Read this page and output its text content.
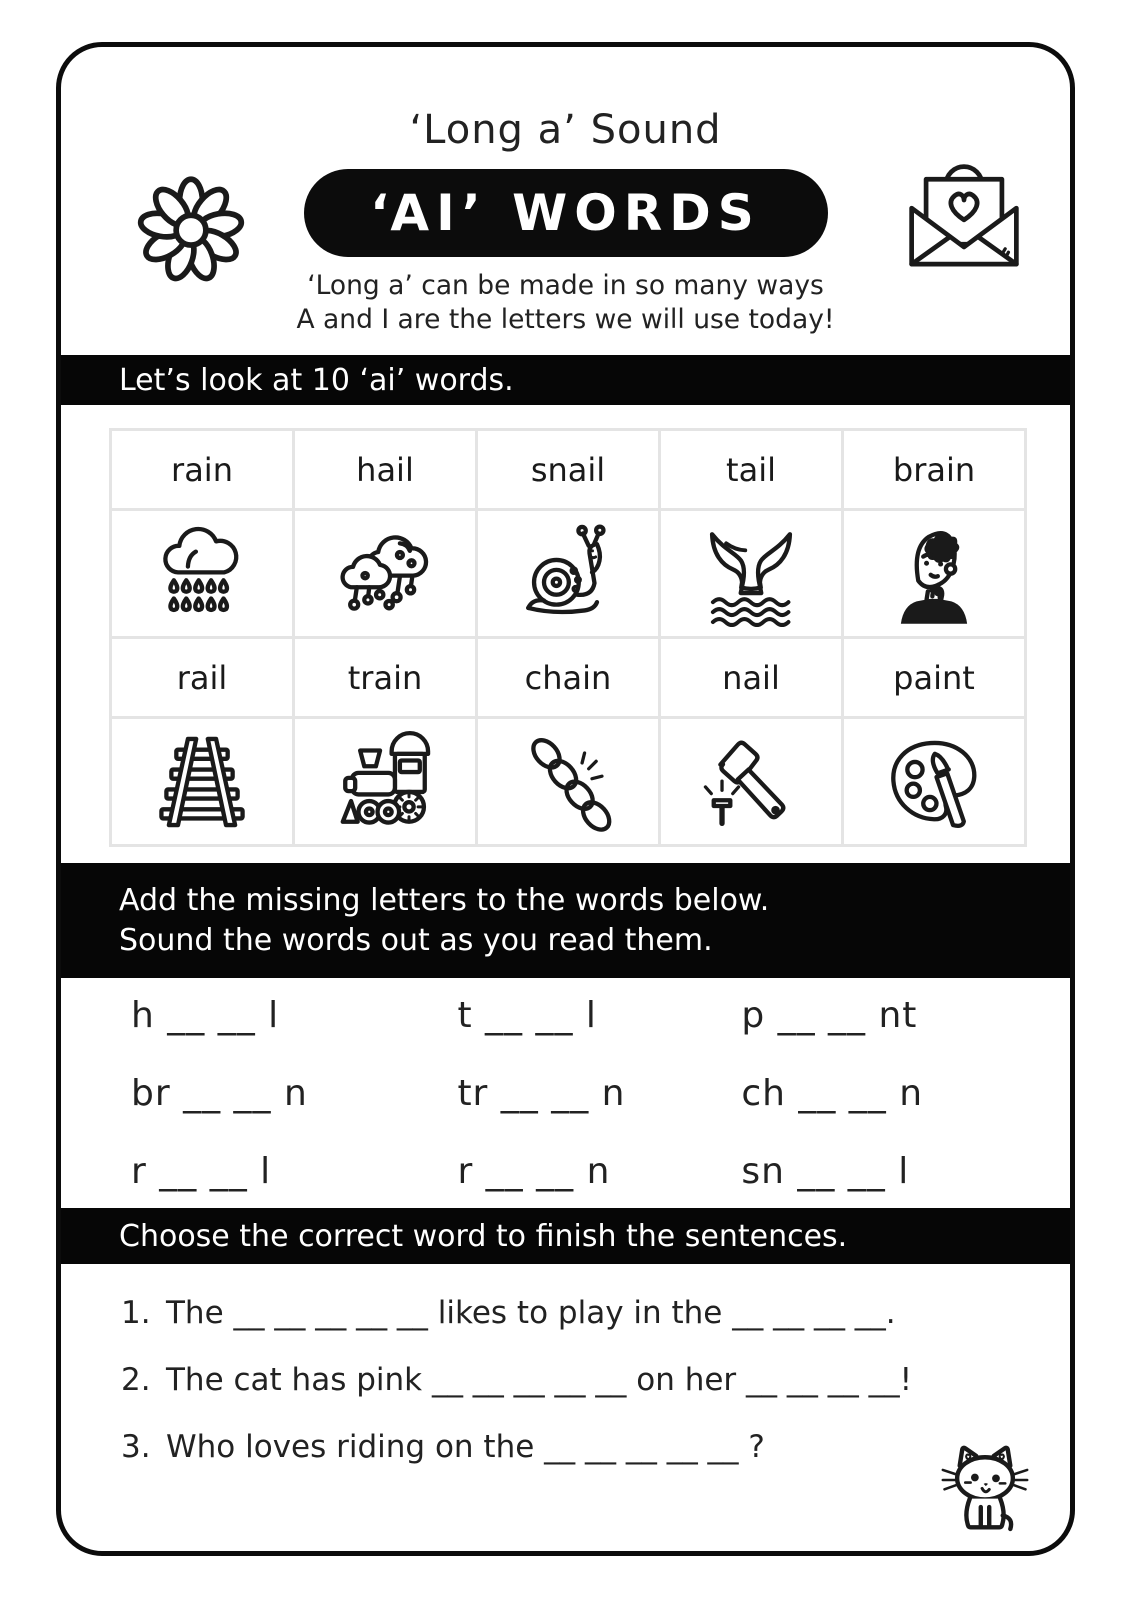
‘Long a’ Sound
‘AI’ WORDS
‘Long a’ can be made in so many ways
A and I are the letters we will use today!
Let’s look at 10 ‘ai’ words.
rain	hail	snail	tail	brain
rail	train	chain	nail	paint
Add the missing letters to the words below.
Sound the words out as you read them.
h __ __ l	t __ __ l	p __ __ nt
br __ __ n	tr __ __ n	ch __ __ n
r __ __ l	r __ __ n	sn __ __ l
Choose the correct word to finish the sentences.
1. The __ __ __ __ __ likes to play in the __ __ __ __.
2. The cat has pink __ __ __ __ __ on her __ __ __ __!
3. Who loves riding on the __ __ __ __ __ ?
